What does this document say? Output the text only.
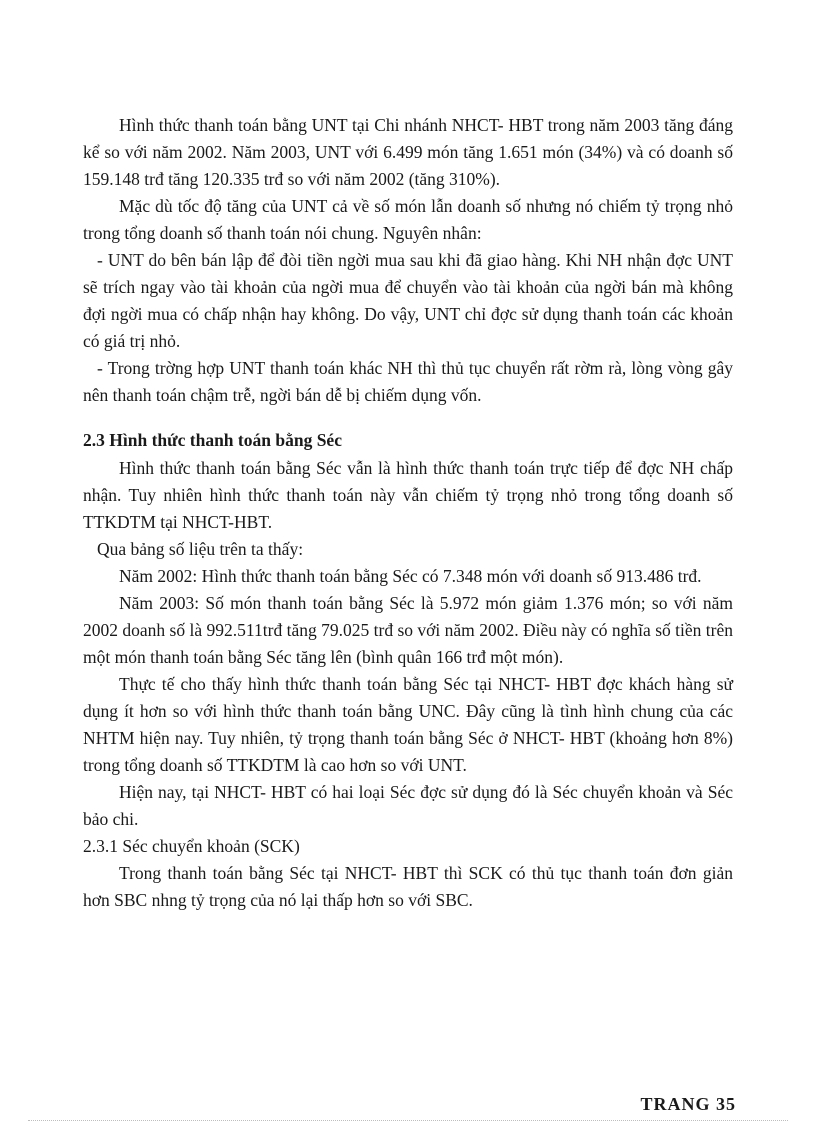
Hình thức thanh toán bằng UNT tại Chi nhánh NHCT- HBT trong năm 2003 tăng đáng kể so với năm 2002. Năm 2003, UNT với 6.499 món tăng 1.651 món (34%) và có doanh số 159.148 trđ tăng 120.335 trđ so với năm 2002 (tăng 310%).

Mặc dù tốc độ tăng của UNT cả về số món lẫn doanh số nhưng nó chiếm tỷ trọng nhỏ trong tổng doanh số thanh toán nói chung. Nguyên nhân:

- UNT do bên bán lập để đòi tiền ngời mua sau khi đã giao hàng. Khi NH nhận đợc UNT sẽ trích ngay vào tài khoản của ngời mua để chuyển vào tài khoản của ngời bán mà không đợi ngời mua có chấp nhận hay không. Do vậy, UNT chỉ đợc sử dụng thanh toán các khoản có giá trị nhỏ.

- Trong trờng hợp UNT thanh toán khác NH thì thủ tục chuyển rất rờm rà, lòng vòng gây nên thanh toán chậm trễ, ngời bán dễ bị chiếm dụng vốn.

2.3 Hình thức thanh toán bằng Séc

Hình thức thanh toán bằng Séc vẫn là hình thức thanh toán trực tiếp để đợc NH chấp nhận. Tuy nhiên hình thức thanh toán này vẫn chiếm tỷ trọng nhỏ trong tổng doanh số TTKDTM tại NHCT-HBT.

Qua bảng số liệu trên ta thấy:

Năm 2002: Hình thức thanh toán bằng Séc có 7.348 món với doanh số 913.486 trđ.

Năm 2003: Số món thanh toán bằng Séc là 5.972 món giảm 1.376 món; so với năm 2002 doanh số là 992.511trđ tăng 79.025 trđ so với năm 2002. Điều này có nghĩa số tiền trên một món thanh toán bằng Séc tăng lên (bình quân 166 trđ một món).

Thực tế cho thấy hình thức thanh toán bằng Séc tại NHCT- HBT đợc khách hàng sử dụng ít hơn so với hình thức thanh toán bằng UNC. Đây cũng là tình hình chung của các NHTM hiện nay. Tuy nhiên, tỷ trọng thanh toán bằng Séc ở NHCT- HBT (khoảng hơn 8%) trong tổng doanh số TTKDTM là cao hơn so với UNT.

Hiện nay, tại NHCT- HBT có hai loại Séc đợc sử dụng đó là Séc chuyển khoản và Séc bảo chi.

2.3.1 Séc chuyển khoản (SCK)

Trong thanh toán bằng Séc tại NHCT- HBT thì SCK có thủ tục thanh toán đơn giản hơn SBC nhng tỷ trọng của nó lại thấp hơn so với SBC.

TRANG 35
